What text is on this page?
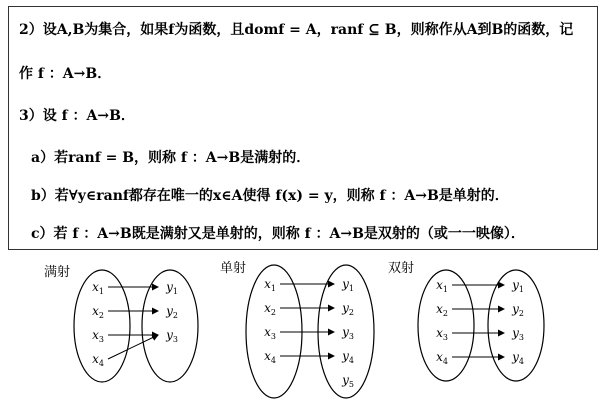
2）设A,B为集合，如果f为函数，且domf = A，ranf ⊆ B，则称作从A到B的函数，记
作 f ：A→B．
3）设 f ：A→B．
a）若ranf = B，则称 f ：A→B是满射的．
b）若∀y∈ranf都存在唯一的x∈A使得 f(x) = y，则称 f ：A→B是单射的．
c）若 f ：A→B既是满射又是单射的，则称 f ：A→B是双射的（或一一映像）．
满射
$x_1$
$x_2$
$x_3$
$x_4$
$y_1$
$y_2$
$y_3$
单射
$x_1$
$x_2$
$x_3$
$x_4$
$y_1$
$y_2$
$y_3$
$y_4$
$y_5$
双射
$x_1$
$x_2$
$x_3$
$x_4$
$y_1$
$y_2$
$y_3$
$y_4$
